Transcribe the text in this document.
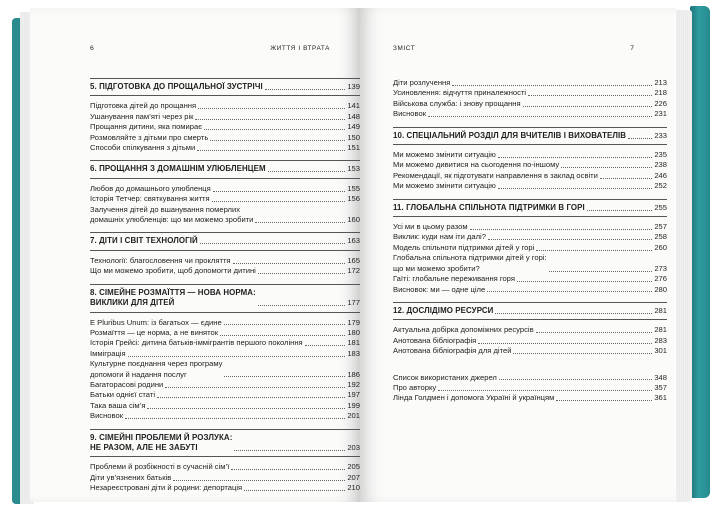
6	ЖИТТЯ І ВТРАТА
5. ПІДГОТОВКА ДО ПРОЩАЛЬНОЇ ЗУСТРІЧІ	139
Підготовка дітей до прощання	141
Ушанування пам’яті через рік	148
Прощання дитини, яка помирає	149
Розмовляйте з дітьми про смерть	150
Способи спілкування з дітьми	151
6. ПРОЩАННЯ З ДОМАШНІМ УЛЮБЛЕНЦЕМ	153
Любов до домашнього улюбленця	155
Історія Тетчер: святкування життя	156
Залучення дітей до вшанування померлих
домашніх улюбленців: що ми можемо зробити	160
7. ДІТИ І СВІТ ТЕХНОЛОГІЙ	163
Технології: благословення чи прокляття	165
Що ми можемо зробити, щоб допомогти дитині	172
8. СІМЕЙНЕ РОЗМАЇТТЯ — НОВА НОРМА:
ВИКЛИКИ ДЛЯ ДІТЕЙ	177
E Pluribus Unum: із багатьох — єдине	179
Розмаїття — це норма, а не виняток	180
Історія Грейсі: дитина батьків-іммігрантів першого покоління	181
Імміграція	183
Культурне поєднання через програму
допомоги й надання послуг	186
Багаторасові родини	192
Батьки однієї статі	197
Така ваша сім’я	199
Висновок	201
9. СІМЕЙНІ ПРОБЛЕМИ Й РОЗЛУКА:
НЕ РАЗОМ, АЛЕ НЕ ЗАБУТІ	203
Проблеми й розбіжності в сучасній сім’ї	205
Діти ув’язнених батьків	207
Незареєстровані діти й родини: депортація	210
ЗМІСТ	7
Діти розлучення	213
Усиновлення: відчуття приналежності	218
Військова служба: і знову прощання	226
Висновок	231
10. СПЕЦІАЛЬНИЙ РОЗДІЛ ДЛЯ ВЧИТЕЛІВ І ВИХОВАТЕЛІВ	233
Ми можемо змінити ситуацію	235
Ми можемо дивитися на сьогодення по-іншому	238
Рекомендації, як підготувати направлення в заклад освіти	246
Ми можемо змінити ситуацію	252
11. ГЛОБАЛЬНА СПІЛЬНОТА ПІДТРИМКИ В ГОРІ	255
Усі ми в цьому разом	257
Виклик: куди нам іти далі?	258
Модель спільноти підтримки дітей у горі	260
Глобальна спільнота підтримки дітей у горі:
що ми можемо зробити?	273
Гаїті: глобальне переживання горя	276
Висновок: ми — одне ціле	280
12. ДОСЛІДІМО РЕСУРСИ	281
Актуальна добірка допоміжних ресурсів	281
Анотована бібліографія	283
Анотована бібліографія для дітей	301
Список використаних джерел	348
Про авторку	357
Лінда Голдмен і допомога Україні й українцям	361
